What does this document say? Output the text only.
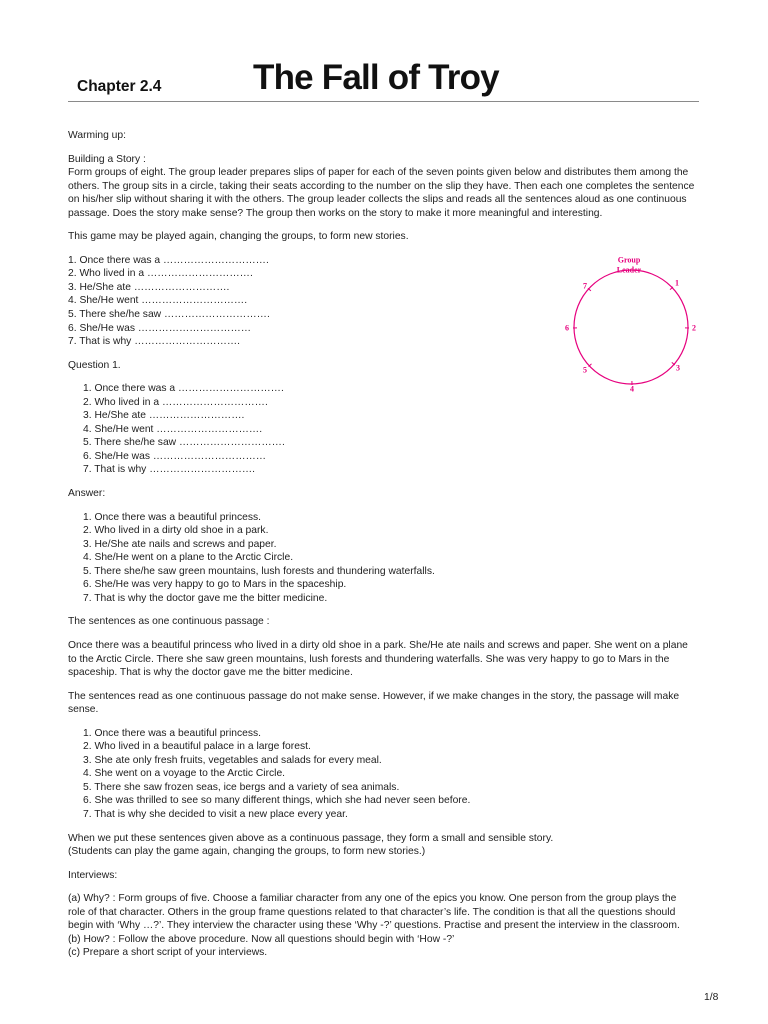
Chapter 2.4	The Fall of Troy
Warming up:
Building a Story :
Form groups of eight. The group leader prepares slips of paper for each of the seven points given below and distributes them among the
others. The group sits in a circle, taking their seats according to the number on the slip they have. Then each one completes the sentence
on his/her slip without sharing it with the others. The group leader collects the slips and reads all the sentences aloud as one continuous
passage. Does the story make sense? The group then works on the story to make it more meaningful and interesting.
This game may be played again, changing the groups, to form new stories.
1. Once there was a ………………………….
2. Who lived in a ………………………….
3. He/She ate ……………………….
4. She/He went ………………………….
5. There she/he saw ………………………….
6. She/He was ……………………………
7. That is why ………………………….
Question 1.
1. Once there was a ………………………….
2. Who lived in a ………………………….
3. He/She ate ……………………….
4. She/He went ………………………….
5. There she/he saw ………………………….
6. She/He was ……………………………
7. That is why ………………………….
Answer:
1. Once there was a beautiful princess.
2. Who lived in a dirty old shoe in a park.
3. He/She ate nails and screws and paper.
4. She/He went on a plane to the Arctic Circle.
5. There she/he saw green mountains, lush forests and thundering waterfalls.
6. She/He was very happy to go to Mars in the spaceship.
7. That is why the doctor gave me the bitter medicine.
The sentences as one continuous passage :
Once there was a beautiful princess who lived in a dirty old shoe in a park. She/He ate nails and screws and paper. She went on a plane
to the Arctic Circle. There she saw green mountains, lush forests and thundering waterfalls. She was very happy to go to Mars in the
spaceship. That is why the doctor gave me the bitter medicine.
The sentences read as one continuous passage do not make sense. However, if we make changes in the story, the passage will make
sense.
1. Once there was a beautiful princess.
2. Who lived in a beautiful palace in a large forest.
3. She ate only fresh fruits, vegetables and salads for every meal.
4. She went on a voyage to the Arctic Circle.
5. There she saw frozen seas, ice bergs and a variety of sea animals.
6. She was thrilled to see so many different things, which she had never seen before.
7. That is why she decided to visit a new place every year.
When we put these sentences given above as a continuous passage, they form a small and sensible story.
(Students can play the game again, changing the groups, to form new stories.)
Interviews:
(a) Why? : Form groups of five. Choose a familiar character from any one of the epics you know. One person from the group plays the
role of that character. Others in the group frame questions related to that character’s life. The condition is that all the questions should
begin with ‘Why …?’. They interview the character using these ‘Why -?’ questions. Practise and present the interview in the classroom.
(b) How? : Follow the above procedure. Now all questions should begin with ‘How -?’
(c) Prepare a short script of your interviews.
Group
Leader
1
2
3
4
5
6
7
1/8
